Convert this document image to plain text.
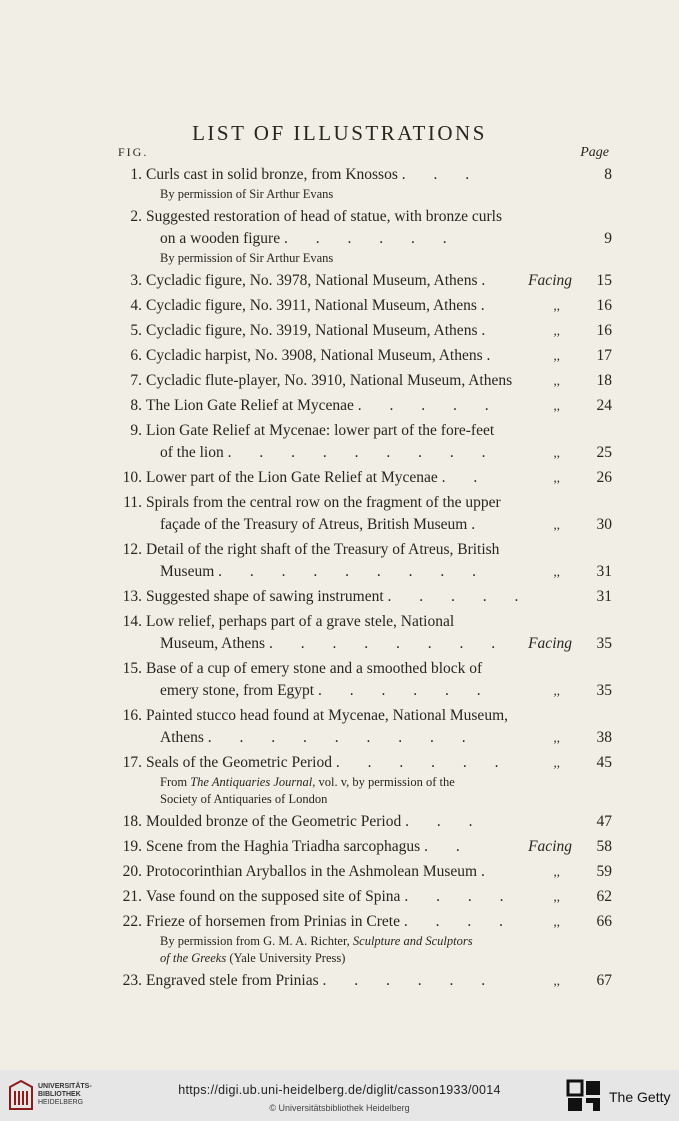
LIST OF ILLUSTRATIONS
FIG.	Page
1. Curls cast in solid bronze, from Knossos . . .	8
By permission of Sir Arthur Evans
2. Suggested restoration of head of statue, with bronze curls
on a wooden figure . . . . . .	9
By permission of Sir Arthur Evans
3. Cycladic figure, No. 3978, National Museum, Athens . Facing 15
4. Cycladic figure, No. 3911, National Museum, Athens .	,, 16
5. Cycladic figure, No. 3919, National Museum, Athens .	,, 16
6. Cycladic harpist, No. 3908, National Museum, Athens .	,, 17
7. Cycladic flute-player, No. 3910, National Museum, Athens	,, 18
8. The Lion Gate Relief at Mycenae . . . . .	,, 24
9. Lion Gate Relief at Mycenae: lower part of the fore-feet
of the lion . . . . . . . . .	,, 25
10. Lower part of the Lion Gate Relief at Mycenae . .	,, 26
11. Spirals from the central row on the fragment of the upper
façade of the Treasury of Atreus, British Museum .	,, 30
12. Detail of the right shaft of the Treasury of Atreus, British
Museum . . . . . . . . .	,, 31
13. Suggested shape of sawing instrument . . . . .	31
14. Low relief, perhaps part of a grave stele, National
Museum, Athens . . . . . . . . Facing 35
15. Base of a cup of emery stone and a smoothed block of
emery stone, from Egypt . . . . . .	,, 35
16. Painted stucco head found at Mycenae, National Museum,
Athens . . . . . . . . .	,, 38
17. Seals of the Geometric Period . . . . . .	,, 45
From The Antiquaries Journal, vol. v, by permission of the
Society of Antiquaries of London
18. Moulded bronze of the Geometric Period . . .	47
19. Scene from the Haghia Triadha sarcophagus . .	Facing 58
20. Protocorinthian Aryballos in the Ashmolean Museum .	,, 59
21. Vase found on the supposed site of Spina . . . .	,, 62
22. Frieze of horsemen from Prinias in Crete . . . .	,, 66
By permission from G. M. A. Richter, Sculpture and Sculptors
of the Greeks (Yale University Press)
23. Engraved stele from Prinias . . . . . .	,, 67
UNIVERSITÄTS-
BIBLIOTHEK
HEIDELBERG
https://digi.ub.uni-heidelberg.de/diglit/casson1933/0014
© Universitätsbibliothek Heidelberg
The Getty
